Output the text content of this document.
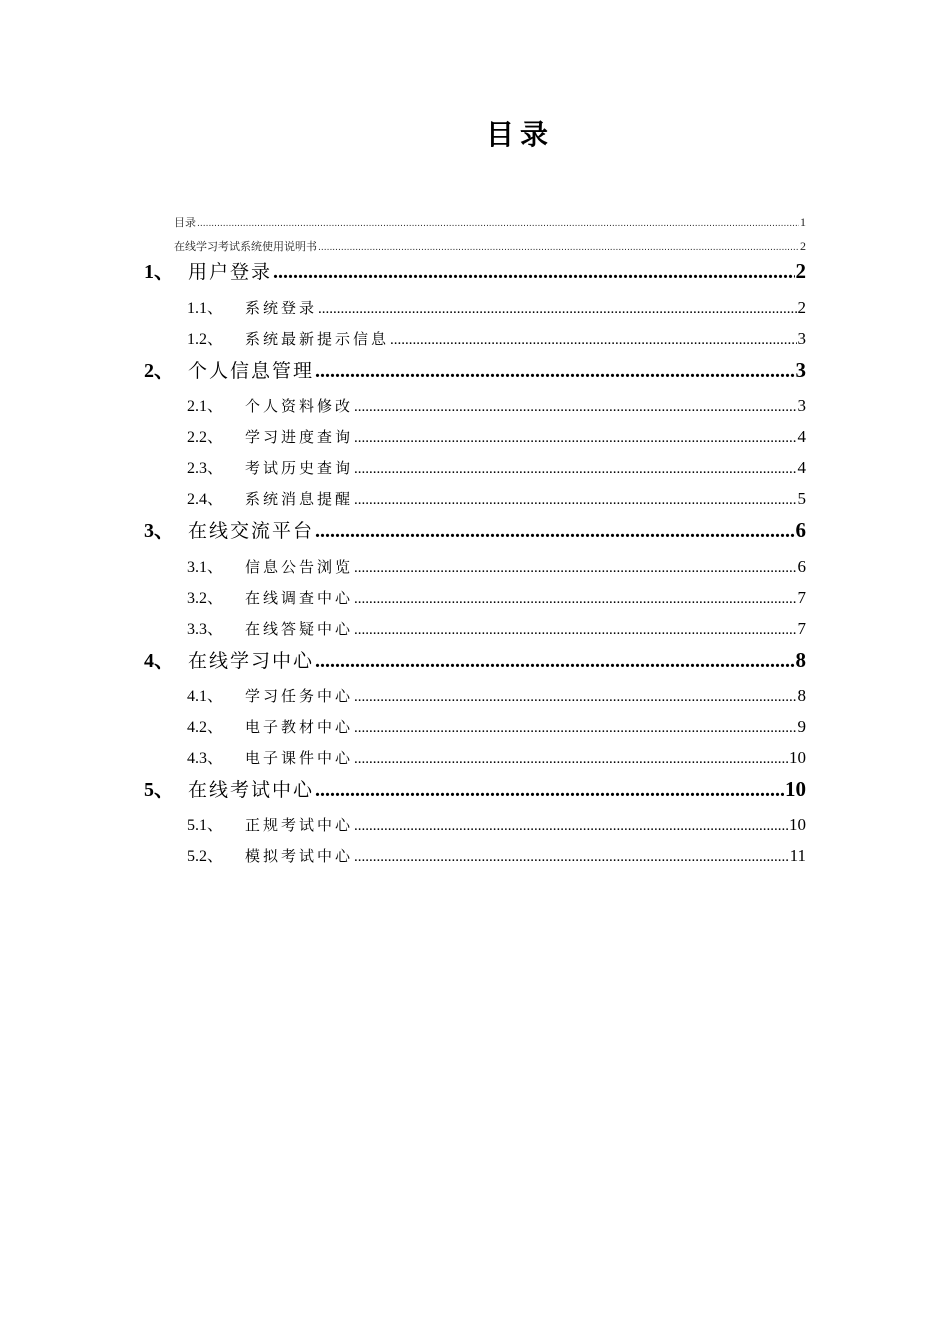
目录
目录 .....	1
在线学习考试系统使用说明书 .....	2
1、 用户登录 .....	2
1.1、	系统登录 .....	2
1.2、	系统最新提示信息 .....	3
2、 个人信息管理 .....	3
2.1、	个人资料修改 .....	3
2.2、	学习进度查询 .....	4
2.3、	考试历史查询 .....	4
2.4、	系统消息提醒 .....	5
3、 在线交流平台 .....	6
3.1、	信息公告浏览 .....	6
3.2、	在线调查中心 .....	7
3.3、	在线答疑中心 .....	7
4、 在线学习中心 .....	8
4.1、	学习任务中心 .....	8
4.2、	电子教材中心 .....	9
4.3、	电子课件中心 .....	10
5、 在线考试中心 .....	10
5.1、	正规考试中心 .....	10
5.2、	模拟考试中心 .....	11
